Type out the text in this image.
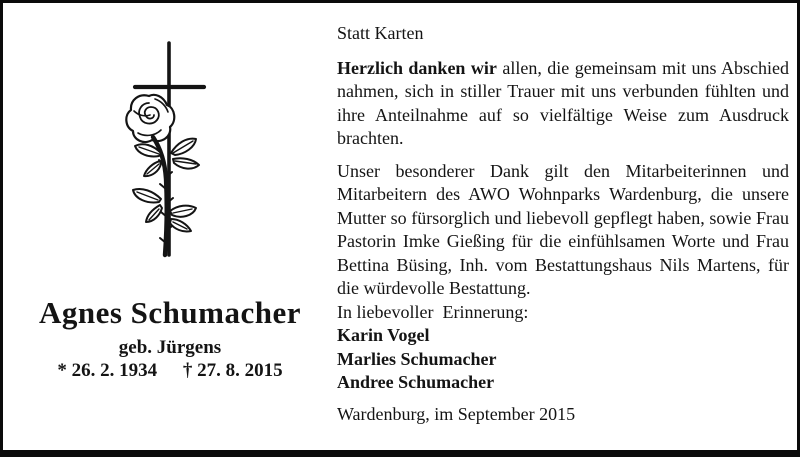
Agnes Schumacher
geb. Jürgens
* 26. 2. 1934 † 27. 8. 2015

Statt Karten

Herzlich danken wir allen, die gemeinsam mit uns Abschied nahmen, sich in stiller Trauer mit uns verbunden fühlten und ihre Anteilnahme auf so vielfältige Weise zum Ausdruck brachten.

Unser besonderer Dank gilt den Mitarbeiterinnen und Mitarbeitern des AWO Wohnparks Wardenburg, die unsere Mutter so fürsorglich und liebevoll gepflegt haben, sowie Frau Pastorin Imke Gießing für die einfühlsamen Worte und Frau Bettina Büsing, Inh. vom Bestattungshaus Nils Martens, für die würdevolle Bestattung.

In liebevoller  Erinnerung:

Karin Vogel

Marlies Schumacher

Andree Schumacher

Wardenburg, im September 2015
